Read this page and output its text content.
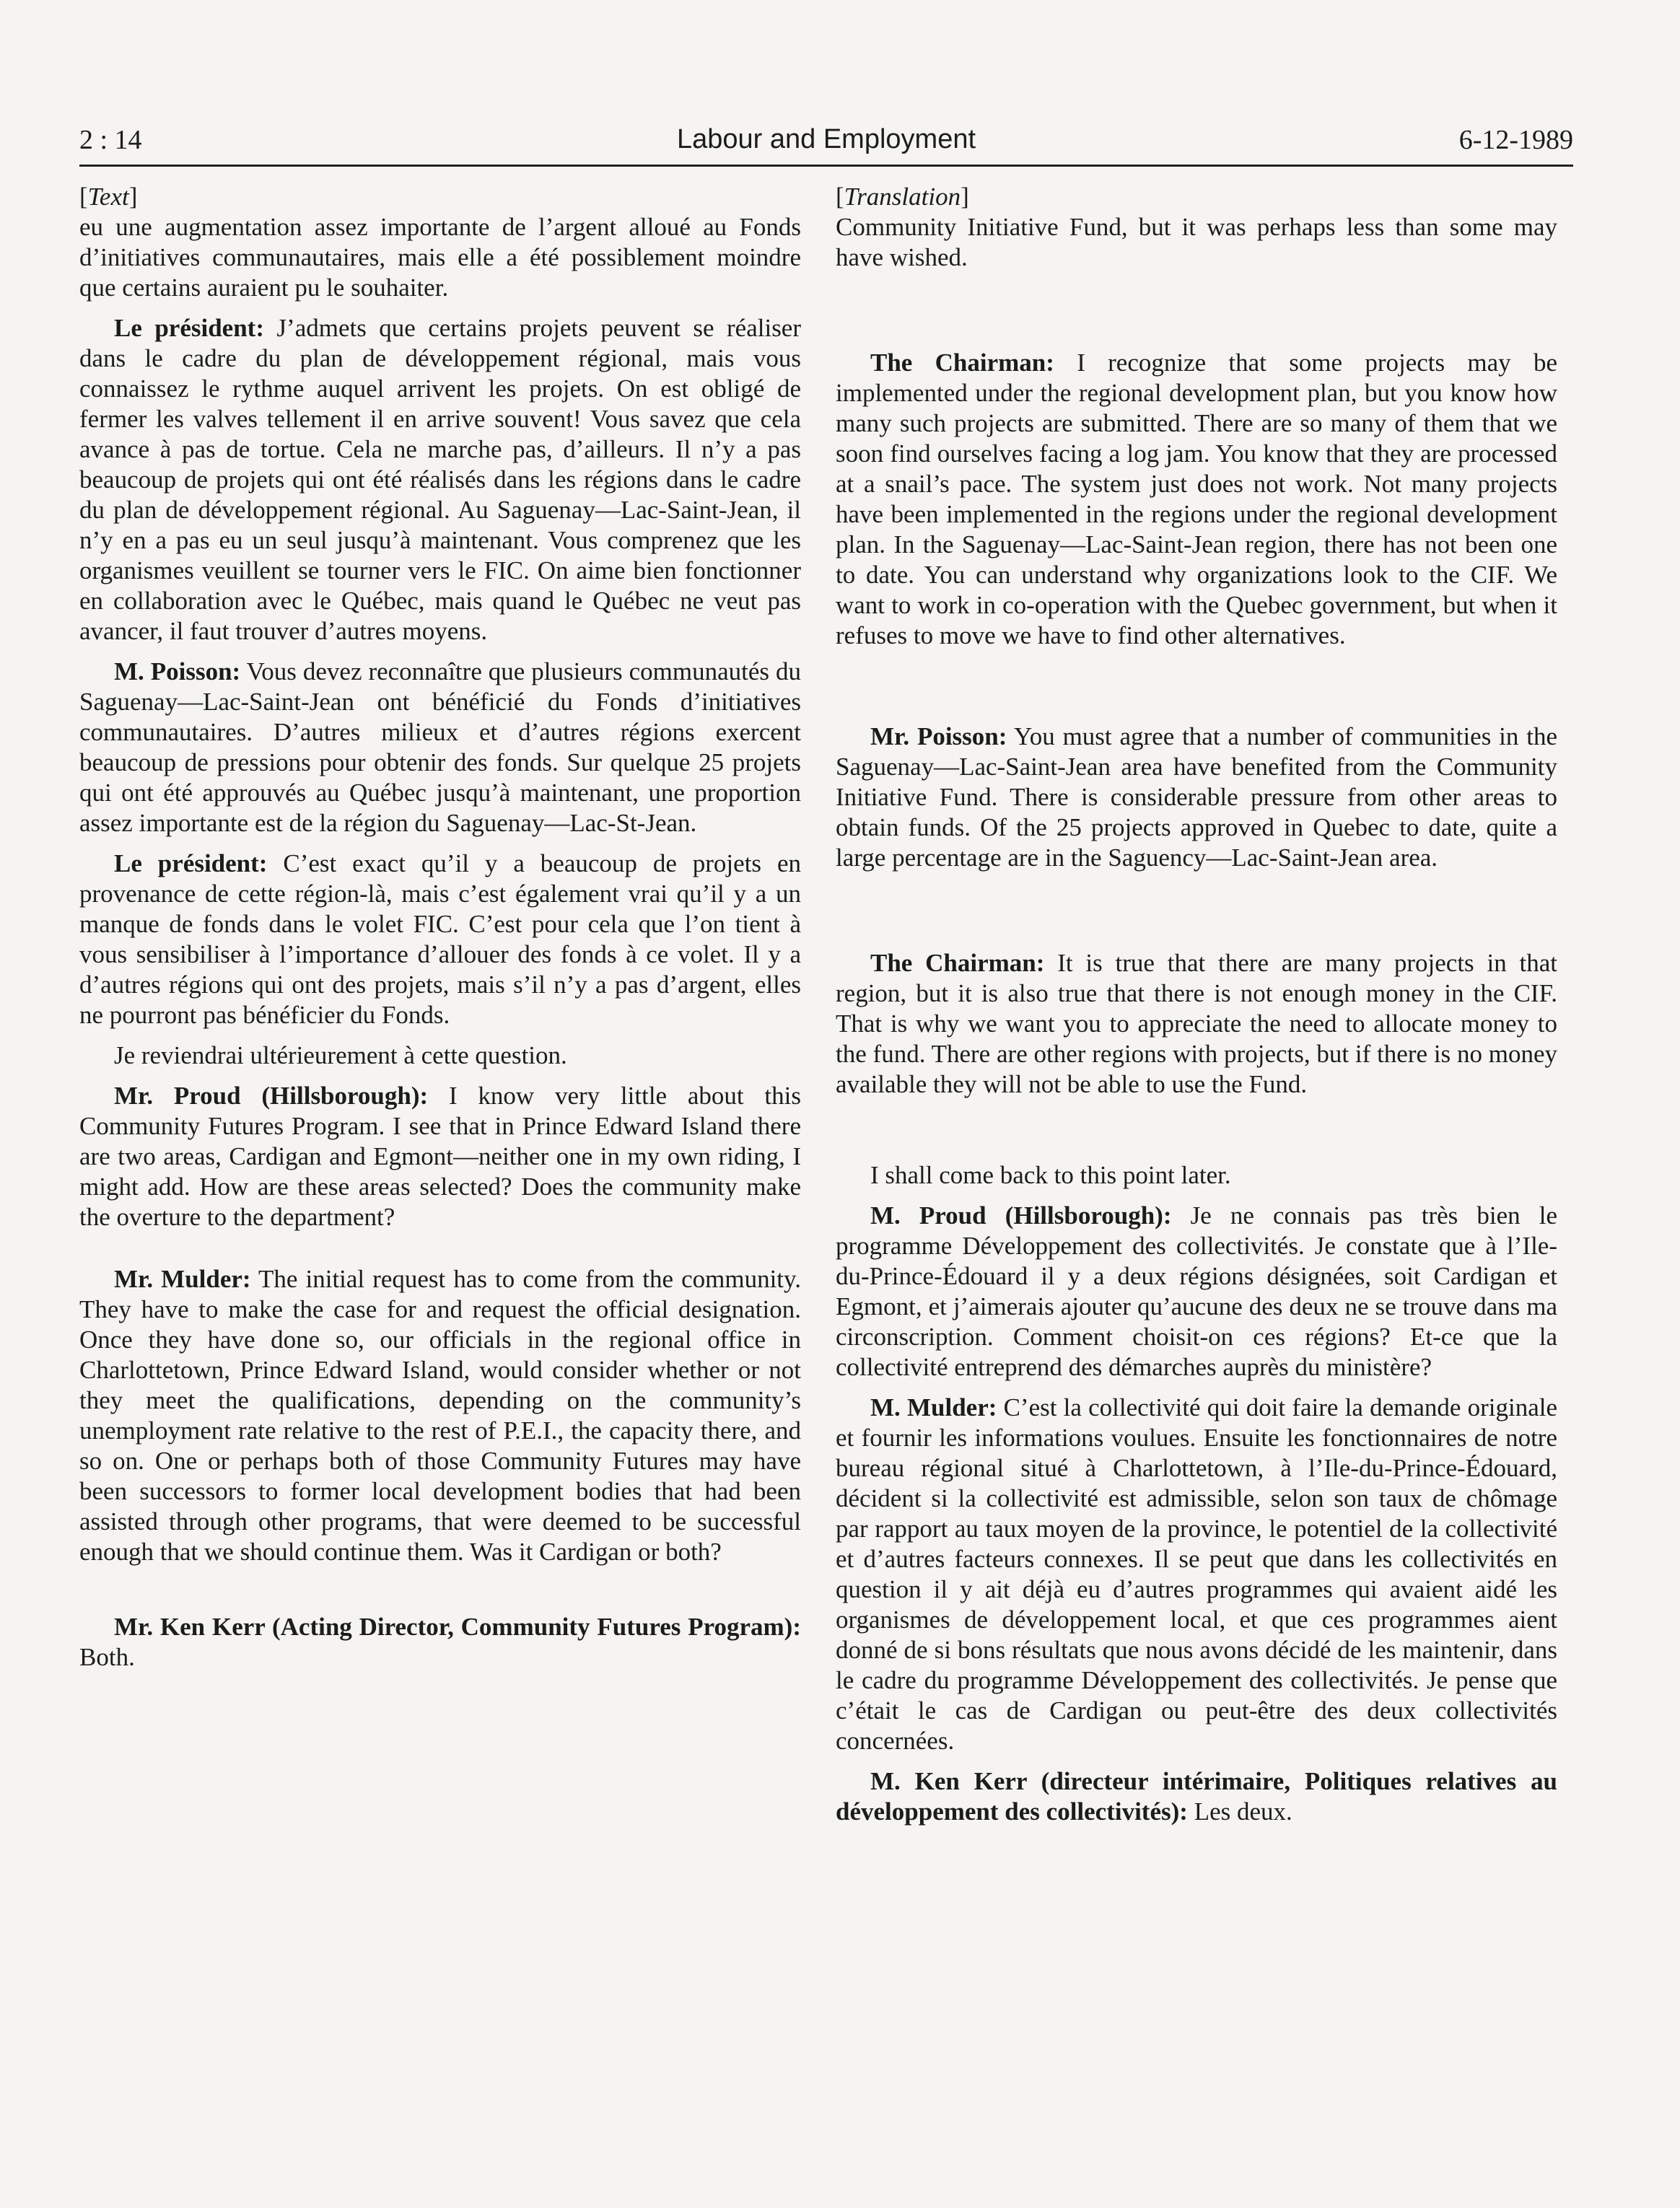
2 : 14	Labour and Employment	6-12-1989
[Text]

eu une augmentation assez importante de l’argent alloué au Fonds d’initiatives communautaires, mais elle a été possiblement moindre que certains auraient pu le souhaiter.

Le président: J’admets que certains projets peuvent se réaliser dans le cadre du plan de développement régional, mais vous connaissez le rythme auquel arrivent les projets. On est obligé de fermer les valves tellement il en arrive souvent! Vous savez que cela avance à pas de tortue. Cela ne marche pas, d’ailleurs. Il n’y a pas beaucoup de projets qui ont été réalisés dans les régions dans le cadre du plan de développement régional. Au Saguenay—Lac-Saint-Jean, il n’y en a pas eu un seul jusqu’à maintenant. Vous comprenez que les organismes veuillent se tourner vers le FIC. On aime bien fonctionner en collaboration avec le Québec, mais quand le Québec ne veut pas avancer, il faut trouver d’autres moyens.

M. Poisson: Vous devez reconnaître que plusieurs communautés du Saguenay—Lac-Saint-Jean ont bénéficié du Fonds d’initiatives communautaires. D’autres milieux et d’autres régions exercent beaucoup de pressions pour obtenir des fonds. Sur quelque 25 projets qui ont été approuvés au Québec jusqu’à maintenant, une proportion assez importante est de la région du Saguenay—Lac-St-Jean.

Le président: C’est exact qu’il y a beaucoup de projets en provenance de cette région-là, mais c’est également vrai qu’il y a un manque de fonds dans le volet FIC. C’est pour cela que l’on tient à vous sensibiliser à l’importance d’allouer des fonds à ce volet. Il y a d’autres régions qui ont des projets, mais s’il n’y a pas d’argent, elles ne pourront pas bénéficier du Fonds.

Je reviendrai ultérieurement à cette question.

Mr. Proud (Hillsborough): I know very little about this Community Futures Program. I see that in Prince Edward Island there are two areas, Cardigan and Egmont—neither one in my own riding, I might add. How are these areas selected? Does the community make the overture to the department?

Mr. Mulder: The initial request has to come from the community. They have to make the case for and request the official designation. Once they have done so, our officials in the regional office in Charlottetown, Prince Edward Island, would consider whether or not they meet the qualifications, depending on the community’s unemployment rate relative to the rest of P.E.I., the capacity there, and so on. One or perhaps both of those Community Futures may have been successors to former local development bodies that had been assisted through other programs, that were deemed to be successful enough that we should continue them. Was it Cardigan or both?

Mr. Ken Kerr (Acting Director, Community Futures Program): Both.

[Translation]

Community Initiative Fund, but it was perhaps less than some may have wished.

The Chairman: I recognize that some projects may be implemented under the regional development plan, but you know how many such projects are submitted. There are so many of them that we soon find ourselves facing a log jam. You know that they are processed at a snail’s pace. The system just does not work. Not many projects have been implemented in the regions under the regional development plan. In the Saguenay—Lac-Saint-Jean region, there has not been one to date. You can understand why organizations look to the CIF. We want to work in co-operation with the Quebec government, but when it refuses to move we have to find other alternatives.

Mr. Poisson: You must agree that a number of communities in the Saguenay—Lac-Saint-Jean area have benefited from the Community Initiative Fund. There is considerable pressure from other areas to obtain funds. Of the 25 projects approved in Quebec to date, quite a large percentage are in the Saguencу—Lac-Saint-Jean area.

The Chairman: It is true that there are many projects in that region, but it is also true that there is not enough money in the CIF. That is why we want you to appreciate the need to allocate money to the fund. There are other regions with projects, but if there is no money available they will not be able to use the Fund.

I shall come back to this point later.

M. Proud (Hillsborough): Je ne connais pas très bien le programme Développement des collectivités. Je constate que à l’Ile-du-Prince-Édouard il y a deux régions désignées, soit Cardigan et Egmont, et j’aimerais ajouter qu’aucune des deux ne se trouve dans ma circonscription. Comment choisit-on ces régions? Et-ce que la collectivité entreprend des démarches auprès du ministère?

M. Mulder: C’est la collectivité qui doit faire la demande originale et fournir les informations voulues. Ensuite les fonctionnaires de notre bureau régional situé à Charlottetown, à l’Ile-du-Prince-Édouard, décident si la collectivité est admissible, selon son taux de chômage par rapport au taux moyen de la province, le potentiel de la collectivité et d’autres facteurs connexes. Il se peut que dans les collectivités en question il y ait déjà eu d’autres programmes qui avaient aidé les organismes de développement local, et que ces programmes aient donné de si bons résultats que nous avons décidé de les maintenir, dans le cadre du programme Développement des collectivités. Je pense que c’était le cas de Cardigan ou peut-être des deux collectivités concernées.

M. Ken Kerr (directeur intérimaire, Politiques relatives au développement des collectivités): Les deux.
